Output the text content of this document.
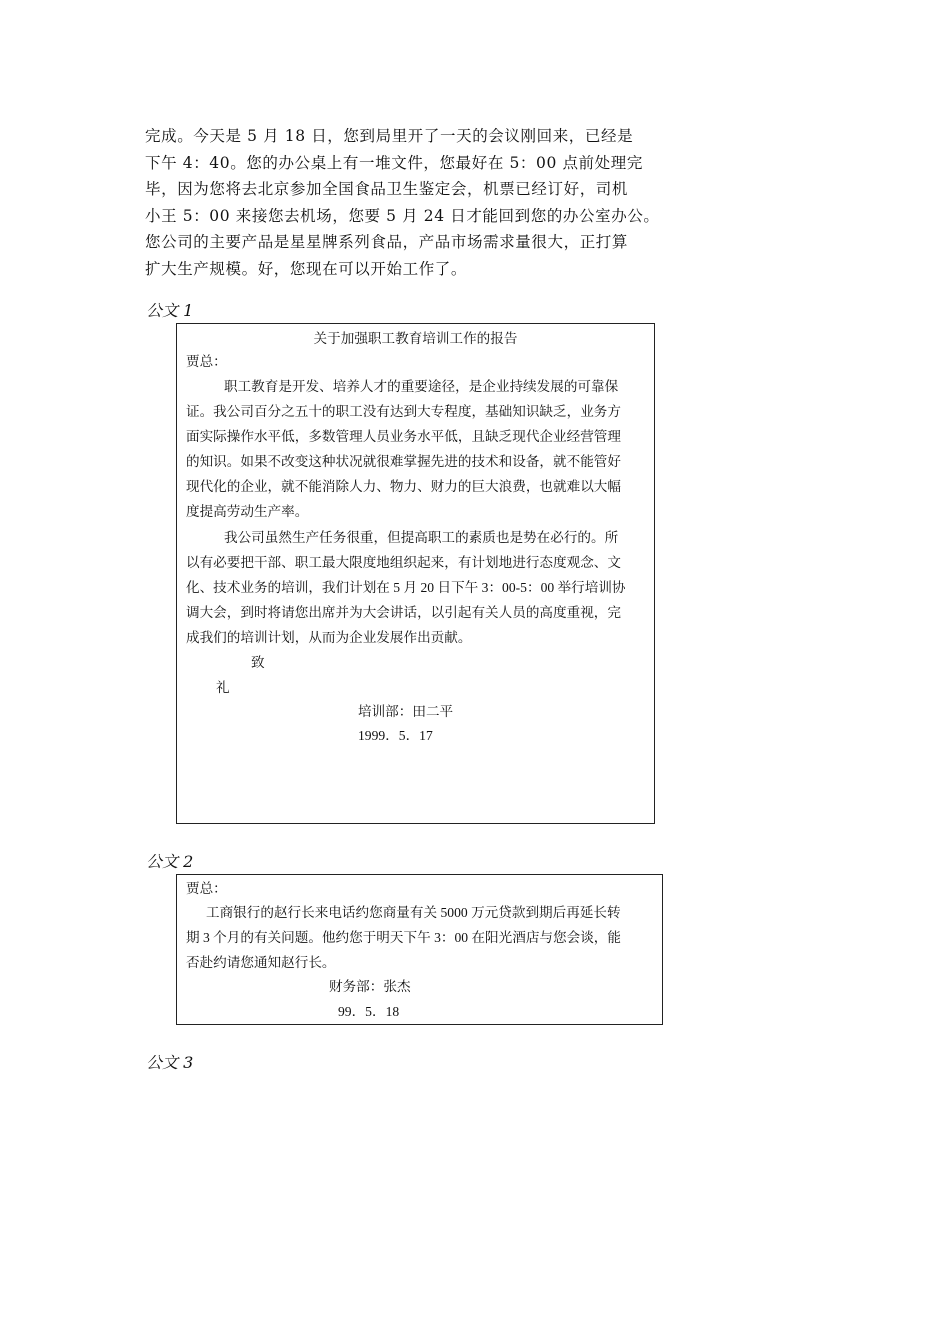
完成。今天是 5 月 18 日，您到局里开了一天的会议刚回来，已经是

下午 4：40。您的办公桌上有一堆文件，您最好在 5：00 点前处理完

毕，因为您将去北京参加全国食品卫生鉴定会，机票已经订好，司机

小王 5：00 来接您去机场，您要 5 月 24 日才能回到您的办公室办公。

您公司的主要产品是星星牌系列食品，产品市场需求量很大，正打算

扩大生产规模。好，您现在可以开始工作了。

公文 1
关于加强职工教育培训工作的报告
贾总：

职工教育是开发、培养人才的重要途径，是企业持续发展的可靠保

证。我公司百分之五十的职工没有达到大专程度，基础知识缺乏，业务方

面实际操作水平低，多数管理人员业务水平低，且缺乏现代企业经营管理

的知识。如果不改变这种状况就很难掌握先进的技术和设备，就不能管好

现代化的企业，就不能消除人力、物力、财力的巨大浪费，也就难以大幅

度提高劳动生产率。

我公司虽然生产任务很重，但提高职工的素质也是势在必行的。所

以有必要把干部、职工最大限度地组织起来，有计划地进行态度观念、文

化、技术业务的培训，我们计划在 5 月 20 日下午 3：00-5：00 举行培训协

调大会，到时将请您出席并为大会讲话，以引起有关人员的高度重视，完

成我们的培训计划，从而为企业发展作出贡献。

致
礼
培训部：田二平
1999．5．17
公文 2
贾总：

工商银行的赵行长来电话约您商量有关 5000 万元贷款到期后再延长转

期 3 个月的有关问题。他约您于明天下午 3：00 在阳光酒店与您会谈，能

否赴约请您通知赵行长。

财务部：张杰
99．5．18
公文 3
